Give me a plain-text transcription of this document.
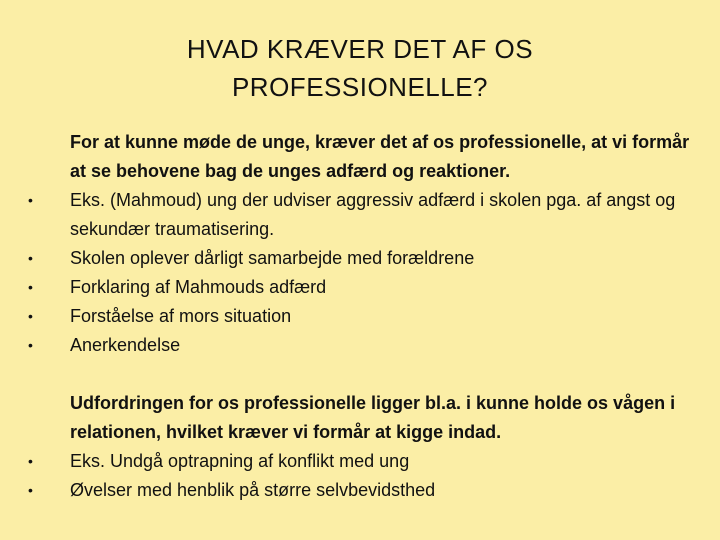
HVAD KRÆVER DET AF OS
PROFESSIONELLE?
For at kunne møde de unge, kræver det af os professionelle, at vi formår at se behovene bag de unges adfærd og reaktioner.
• Eks. (Mahmoud) ung der udviser aggressiv adfærd i skolen pga. af angst og sekundær traumatisering.
• Skolen oplever dårligt samarbejde med forældrene
• Forklaring af Mahmouds adfærd
• Forståelse af mors situation
• Anerkendelse
Udfordringen for os professionelle ligger bl.a. i kunne holde os vågen i relationen, hvilket kræver vi formår at kigge indad.
• Eks. Undgå optrapning af konflikt med ung
• Øvelser med henblik på større selvbevidsthed
